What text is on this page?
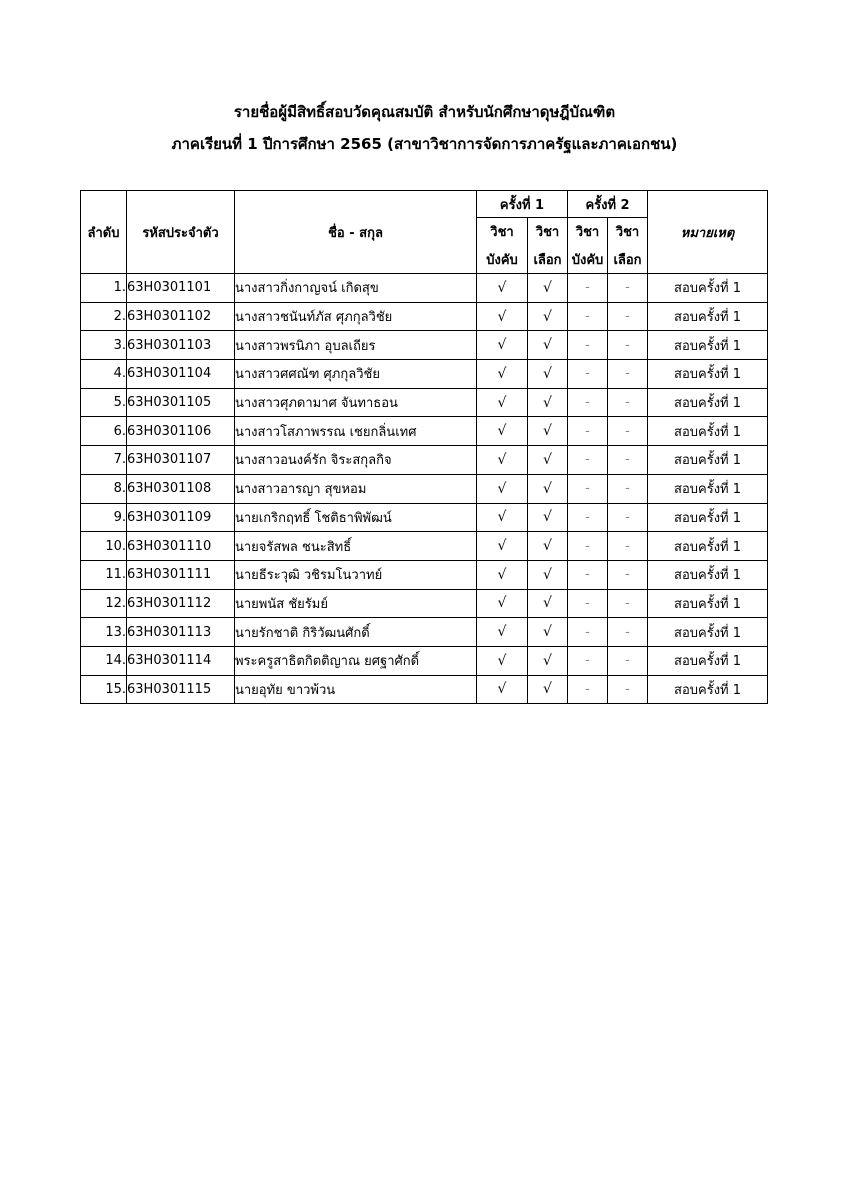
รายชื่อผู้มีสิทธิ์สอบวัดคุณสมบัติ สำหรับนักศึกษาดุษฎีบัณฑิต
ภาคเรียนที่ 1 ปีการศึกษา 2565 (สาขาวิชาการจัดการภาครัฐและภาคเอกชน)
ลำดับ	รหัสประจำตัว	ชื่อ - สกุล	ครั้งที่ 1		ครั้งที่ 2		หมายเหตุ
			วิชา	วิชา	วิชา	วิชา	
			บังคับ	เลือก	บังคับ	เลือก	
1.	63H0301101	นางสาวกิ่งกาญจน์ เกิดสุข	√	√	-	-	สอบครั้งที่ 1
2.	63H0301102	นางสาวชนันท์ภัส ศุภกุลวิชัย	√	√	-	-	สอบครั้งที่ 1
3.	63H0301103	นางสาวพรนิภา อุบลเถียร	√	√	-	-	สอบครั้งที่ 1
4.	63H0301104	นางสาวศศณัฑ ศุภกุลวิชัย	√	√	-	-	สอบครั้งที่ 1
5.	63H0301105	นางสาวศุภดามาศ จันทาธอน	√	√	-	-	สอบครั้งที่ 1
6.	63H0301106	นางสาวโสภาพรรณ เชยกลิ่นเทศ	√	√	-	-	สอบครั้งที่ 1
7.	63H0301107	นางสาวอนงค์รัก จิระสกุลกิจ	√	√	-	-	สอบครั้งที่ 1
8.	63H0301108	นางสาวอารญา สุขหอม	√	√	-	-	สอบครั้งที่ 1
9.	63H0301109	นายเกริกฤทธิ์ โชติธาพิพัฒน์	√	√	-	-	สอบครั้งที่ 1
10.	63H0301110	นายจรัสพล ชนะสิทธิ์	√	√	-	-	สอบครั้งที่ 1
11.	63H0301111	นายธีระวุฒิ วชิรมโนวาทย์	√	√	-	-	สอบครั้งที่ 1
12.	63H0301112	นายพนัส ชัยรัมย์	√	√	-	-	สอบครั้งที่ 1
13.	63H0301113	นายรักชาติ กิริวัฒนศักดิ์	√	√	-	-	สอบครั้งที่ 1
14.	63H0301114	พระครูสาธิตกิตติญาณ ยศฐาศักดิ์	√	√	-	-	สอบครั้งที่ 1
15.	63H0301115	นายอุทัย ขาวพ้วน	√	√	-	-	สอบครั้งที่ 1
